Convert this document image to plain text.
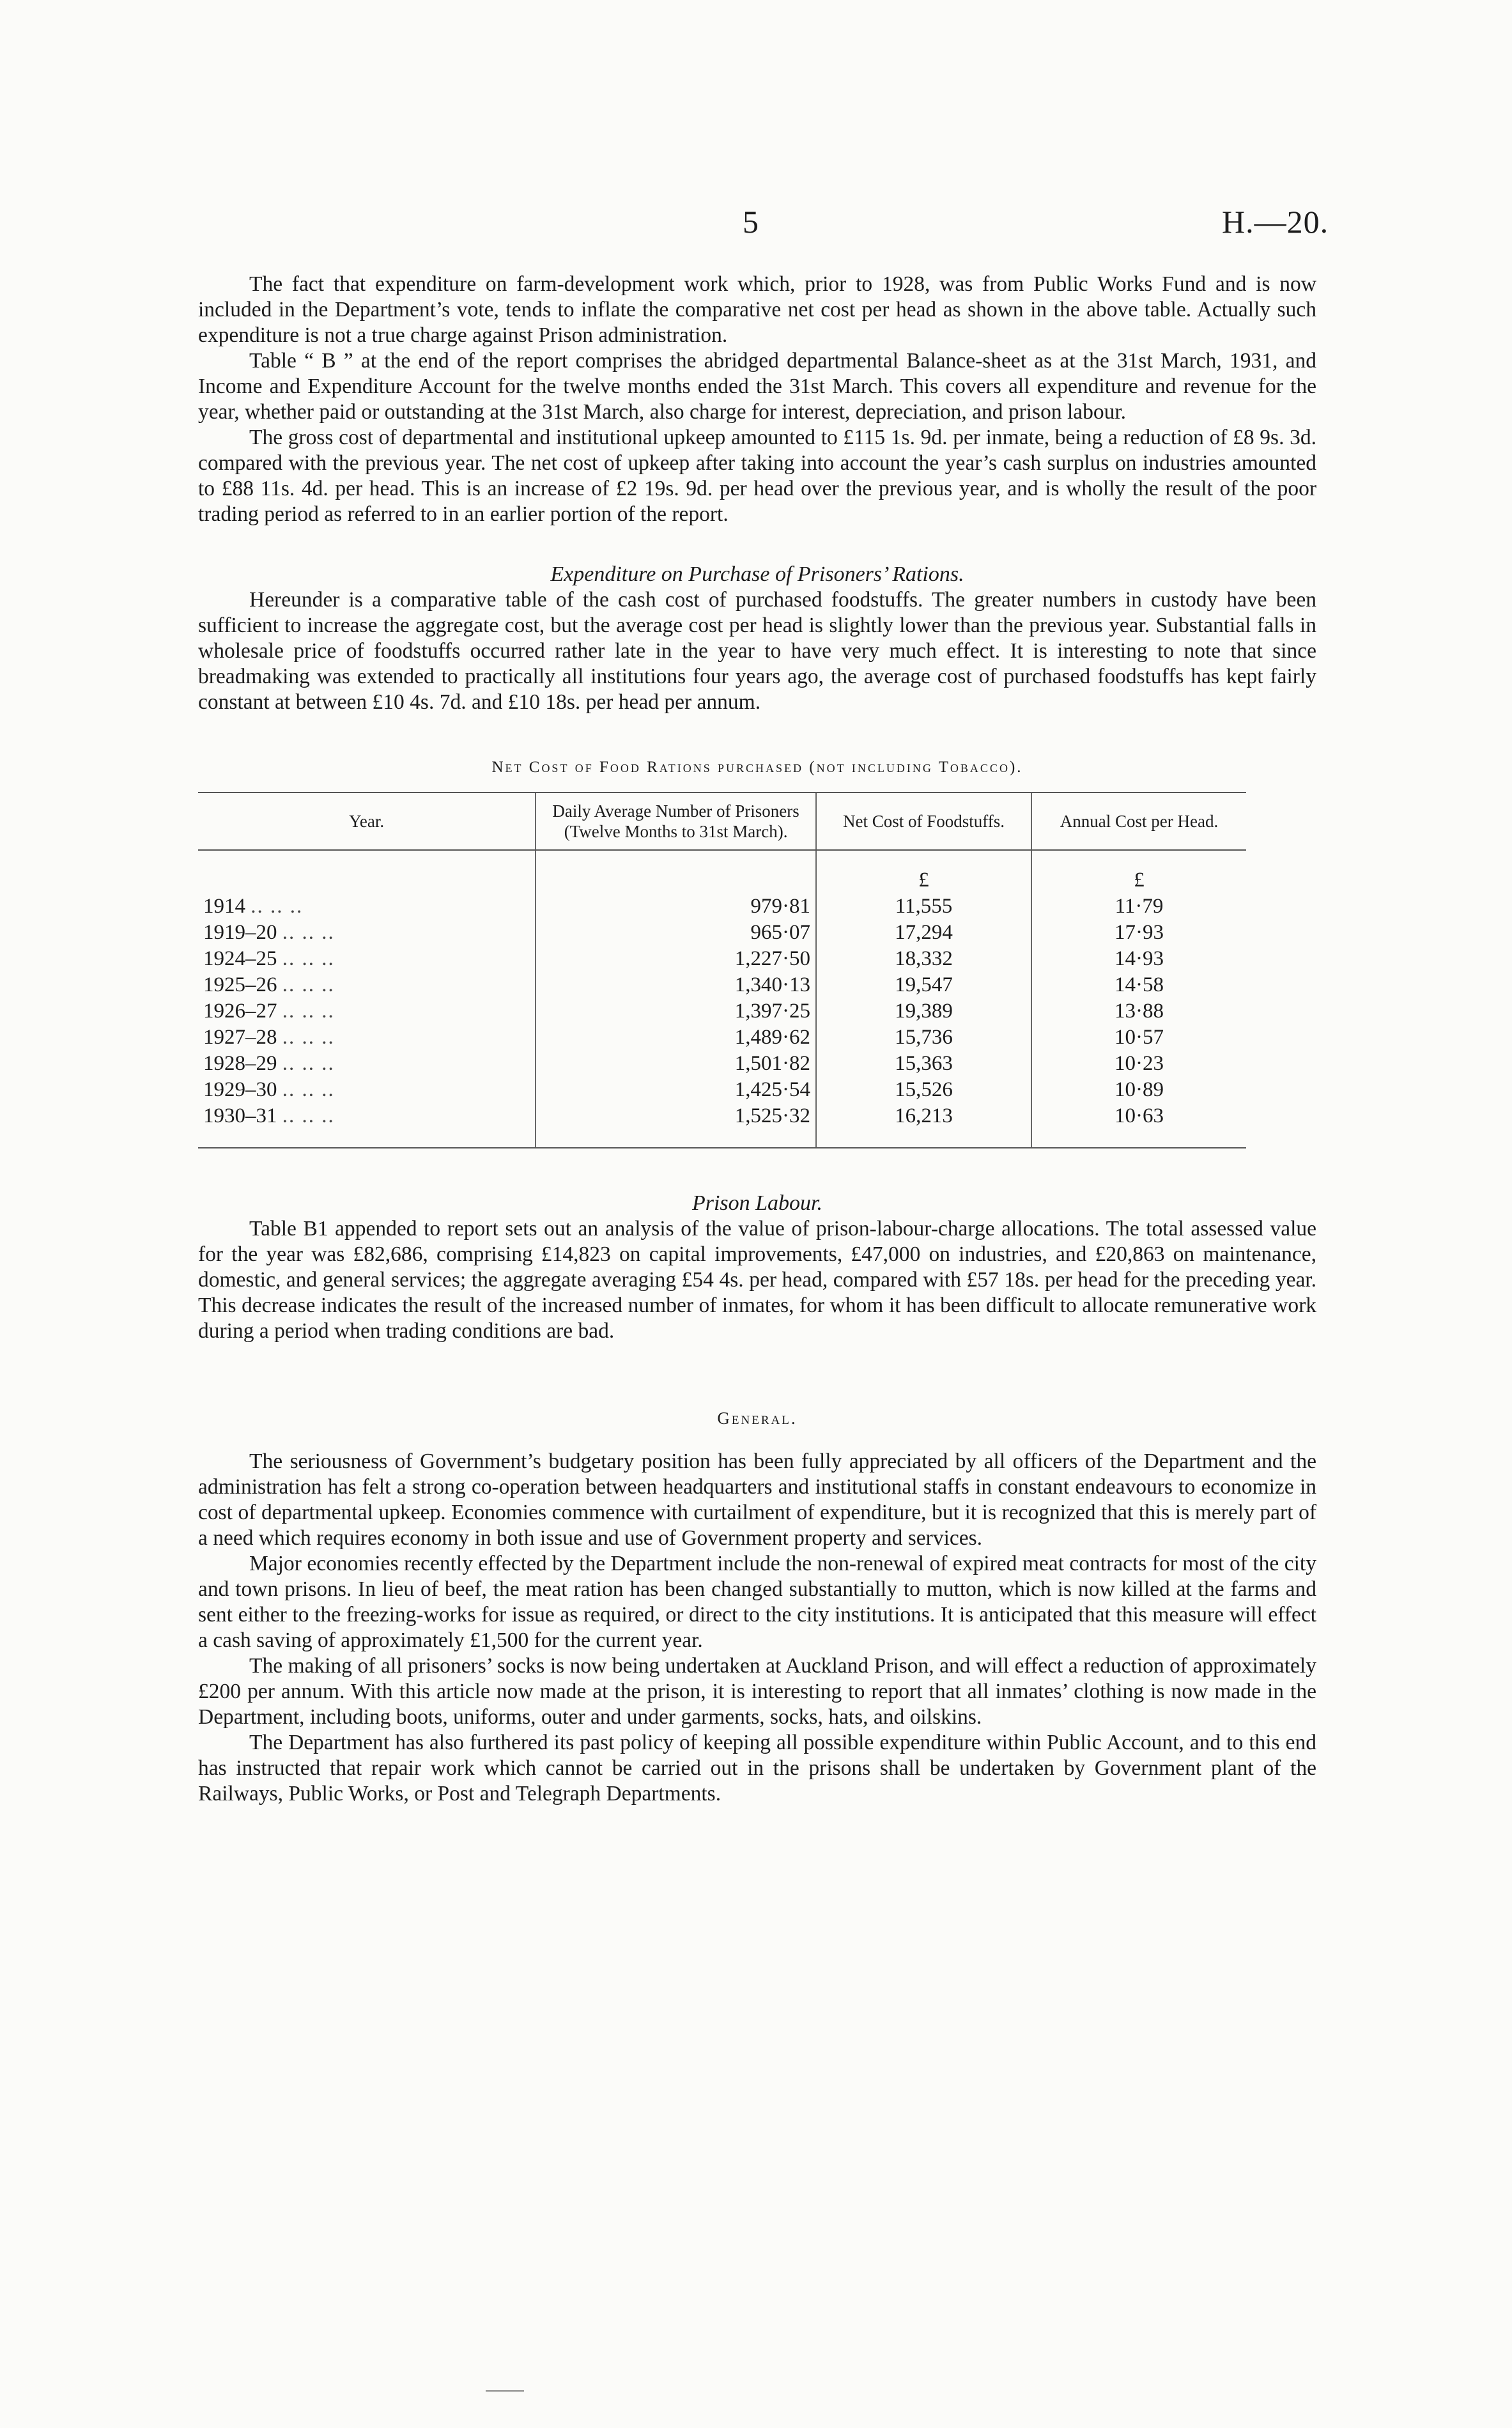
5	H.—20.

The fact that expenditure on farm-development work which, prior to 1928, was from Public Works Fund and is now included in the Department’s vote, tends to inflate the comparative net cost per head as shown in the above table. Actually such expenditure is not a true charge against Prison administration.

Table “ B ” at the end of the report comprises the abridged departmental Balance-sheet as at the 31st March, 1931, and Income and Expenditure Account for the twelve months ended the 31st March. This covers all expenditure and revenue for the year, whether paid or outstanding at the 31st March, also charge for interest, depreciation, and prison labour.

The gross cost of departmental and institutional upkeep amounted to £115 1s. 9d. per inmate, being a reduction of £8 9s. 3d. compared with the previous year. The net cost of upkeep after taking into account the year’s cash surplus on industries amounted to £88 11s. 4d. per head. This is an increase of £2 19s. 9d. per head over the previous year, and is wholly the result of the poor trading period as referred to in an earlier portion of the report.

Expenditure on Purchase of Prisoners’ Rations.

Hereunder is a comparative table of the cash cost of purchased foodstuffs. The greater numbers in custody have been sufficient to increase the aggregate cost, but the average cost per head is slightly lower than the previous year. Substantial falls in wholesale price of foodstuffs occurred rather late in the year to have very much effect. It is interesting to note that since breadmaking was extended to practically all institutions four years ago, the average cost of purchased foodstuffs has kept fairly constant at between £10 4s. 7d. and £10 18s. per head per annum.

Net Cost of Food Rations purchased (not including Tobacco).

Year.	Daily Average Number of Prisoners (Twelve Months to 31st March).	Net Cost of Foodstuffs.	Annual Cost per Head.
		£	£
1914 .. .. ..	979·81	11,555	11·79
1919–20 .. .. ..	965·07	17,294	17·93
1924–25 .. .. ..	1,227·50	18,332	14·93
1925–26 .. .. ..	1,340·13	19,547	14·58
1926–27 .. .. ..	1,397·25	19,389	13·88
1927–28 .. .. ..	1,489·62	15,736	10·57
1928–29 .. .. ..	1,501·82	15,363	10·23
1929–30 .. .. ..	1,425·54	15,526	10·89
1930–31 .. .. ..	1,525·32	16,213	10·63

Prison Labour.

Table B1 appended to report sets out an analysis of the value of prison-labour-charge allocations. The total assessed value for the year was £82,686, comprising £14,823 on capital improvements, £47,000 on industries, and £20,863 on maintenance, domestic, and general services; the aggregate averaging £54 4s. per head, compared with £57 18s. per head for the preceding year. This decrease indicates the result of the increased number of inmates, for whom it has been difficult to allocate remunerative work during a period when trading conditions are bad.

General.

The seriousness of Government’s budgetary position has been fully appreciated by all officers of the Department and the administration has felt a strong co-operation between headquarters and institutional staffs in constant endeavours to economize in cost of departmental upkeep. Economies commence with curtailment of expenditure, but it is recognized that this is merely part of a need which requires economy in both issue and use of Government property and services.

Major economies recently effected by the Department include the non-renewal of expired meat contracts for most of the city and town prisons. In lieu of beef, the meat ration has been changed substantially to mutton, which is now killed at the farms and sent either to the freezing-works for issue as required, or direct to the city institutions. It is anticipated that this measure will effect a cash saving of approximately £1,500 for the current year.

The making of all prisoners’ socks is now being undertaken at Auckland Prison, and will effect a reduction of approximately £200 per annum. With this article now made at the prison, it is interesting to report that all inmates’ clothing is now made in the Department, including boots, uniforms, outer and under garments, socks, hats, and oilskins.

The Department has also furthered its past policy of keeping all possible expenditure within Public Account, and to this end has instructed that repair work which cannot be carried out in the prisons shall be undertaken by Government plant of the Railways, Public Works, or Post and Telegraph Departments.
